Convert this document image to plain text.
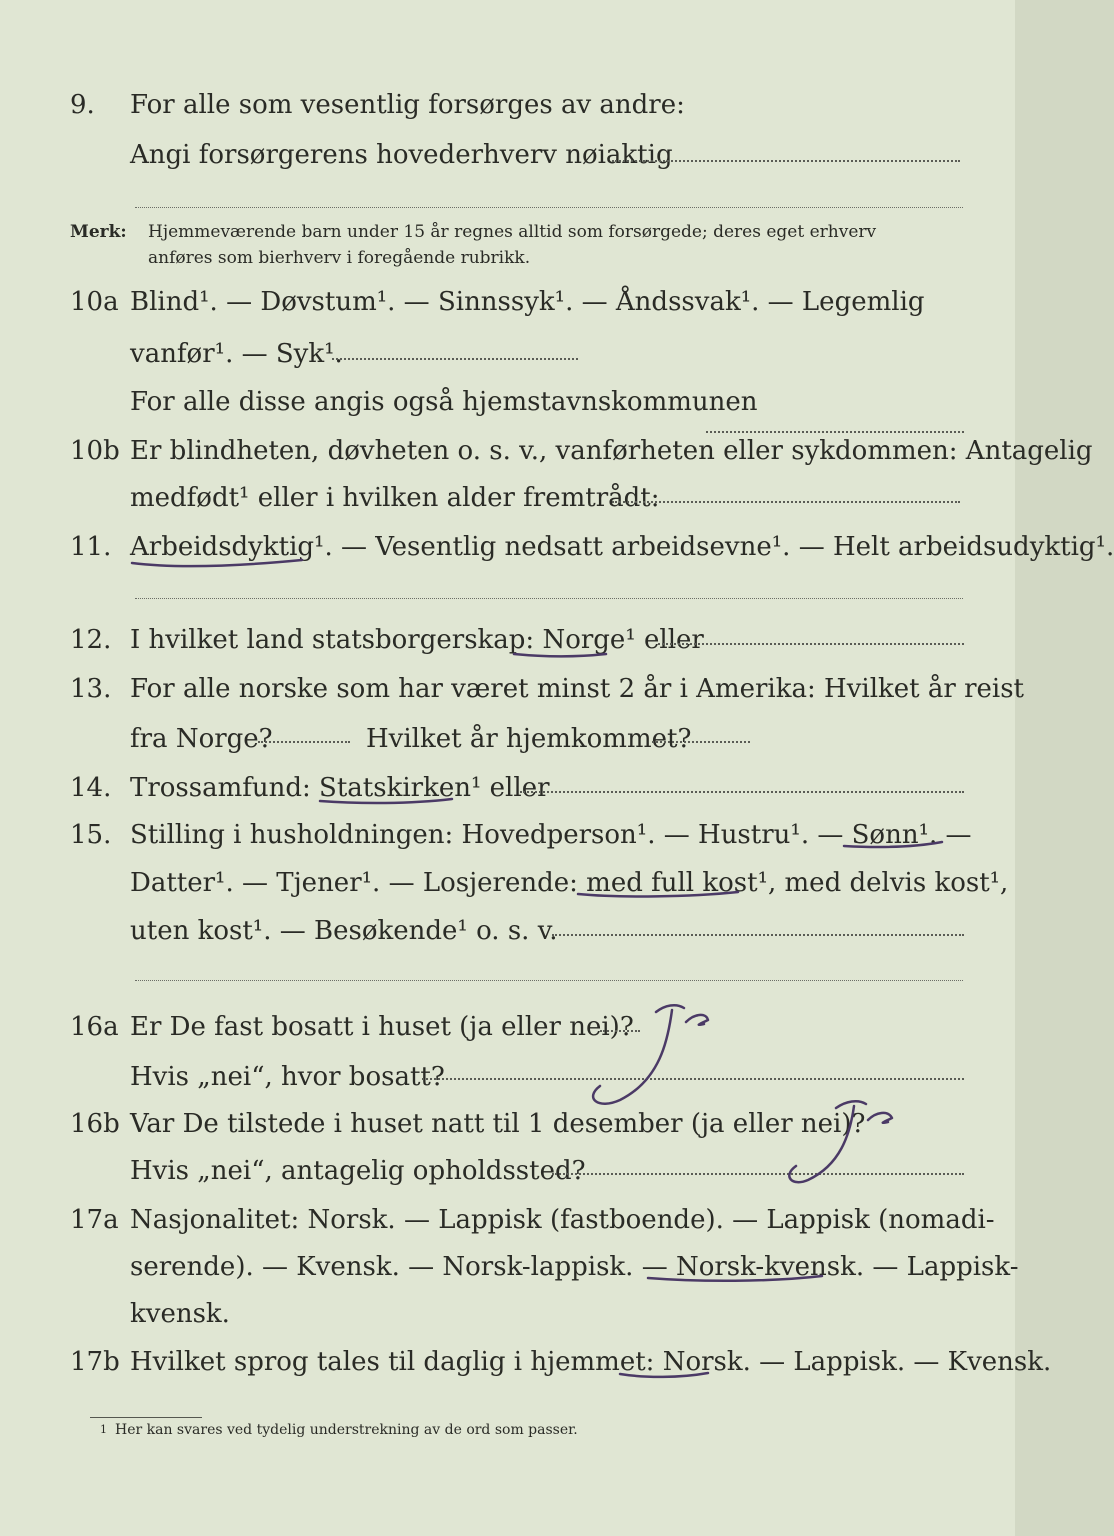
9.	For alle som vesentlig forsørges av andre:
Angi forsørgerens hovederhverv nøiaktig
Merk: Hjemmeværende barn under 15 år regnes alltid som forsørgede; deres eget erhverv
anføres som bierhverv i foregående rubrikk.
10a Blind¹. — Døvstum¹. — Sinnssyk¹. — Åndssvak¹. — Legemlig
vanfør¹. — Syk¹.
For alle disse angis også hjemstavnskommunen
10b Er blindheten, døvheten o. s. v., vanførheten eller sykdommen: Antagelig
medfødt¹ eller i hvilken alder fremtrådt:
11. Arbeidsdyktig¹. — Vesentlig nedsatt arbeidsevne¹. — Helt arbeidsudyktig¹.
12. I hvilket land statsborgerskap: Norge¹ eller
13. For alle norske som har været minst 2 år i Amerika: Hvilket år reist
fra Norge?	Hvilket år hjemkommet?
14. Trossamfund: Statskirken¹ eller
15. Stilling i husholdningen: Hovedperson¹. — Hustru¹. — Sønn¹. —
Datter¹. — Tjener¹. — Losjerende: med full kost¹, med delvis kost¹,
uten kost¹. — Besøkende¹ o. s. v.
16a Er De fast bosatt i huset (ja eller nei)?
Hvis „nei“, hvor bosatt?
16b Var De tilstede i huset natt til 1 desember (ja eller nei)?
Hvis „nei“, antagelig opholdssted?
17a Nasjonalitet: Norsk. — Lappisk (fastboende). — Lappisk (nomadi-
serende). — Kvensk. — Norsk-lappisk. — Norsk-kvensk. — Lappisk-
kvensk.
17b Hvilket sprog tales til daglig i hjemmet: Norsk. — Lappisk. — Kvensk.
1 Her kan svares ved tydelig understrekning av de ord som passer.
